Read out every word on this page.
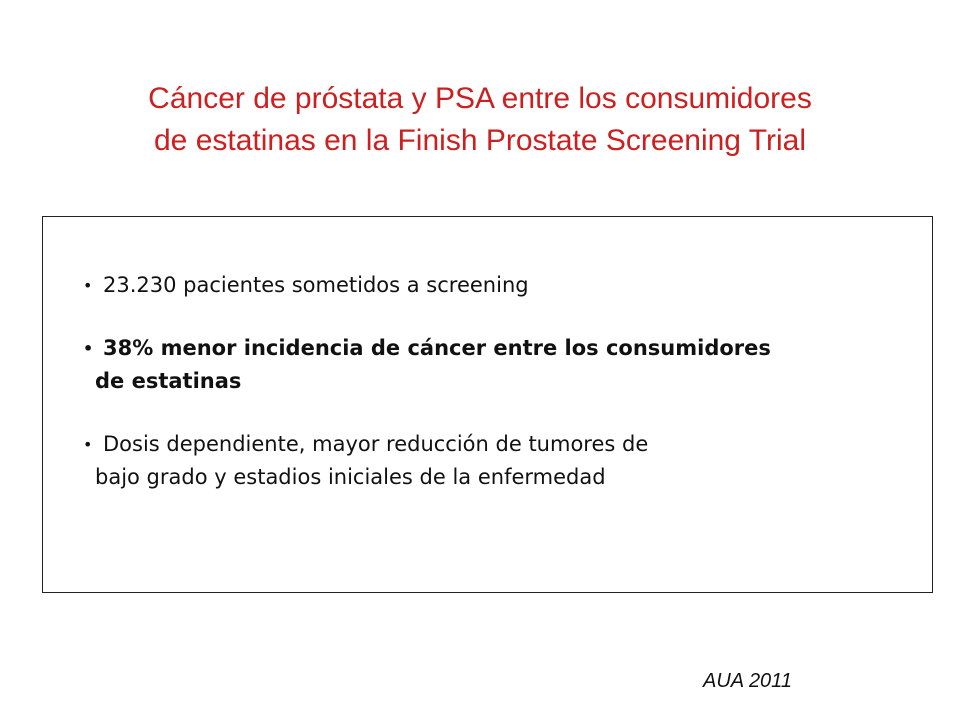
Cáncer de próstata y PSA entre los consumidores
de estatinas en la Finish Prostate Screening Trial
• 23.230 pacientes sometidos a screening
• 38% menor incidencia de cáncer entre los consumidores
de estatinas
• Dosis dependiente, mayor reducción de tumores de
bajo grado y estadios iniciales de la enfermedad
AUA 2011
